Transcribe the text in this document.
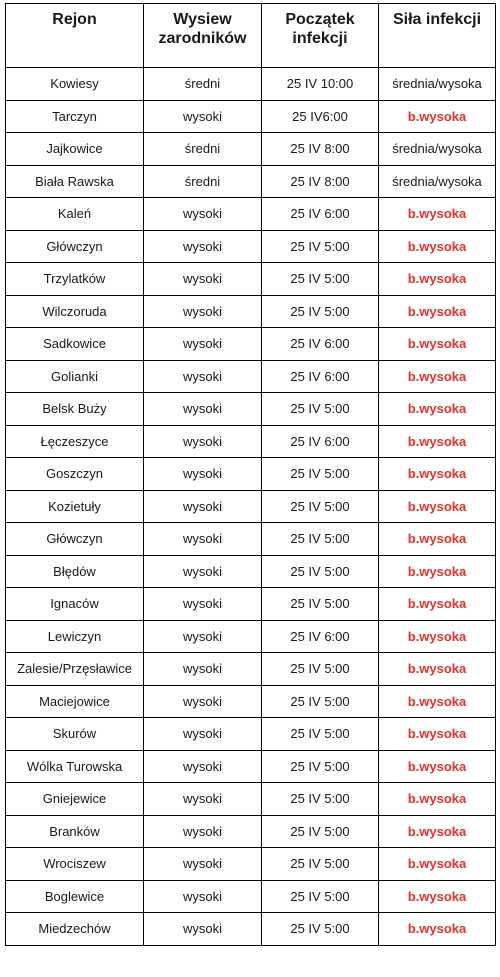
Rejon	Wysiew zarodników	Początek infekcji	Siła infekcji
Kowiesy	średni	25 IV 10:00	średnia/wysoka
Tarczyn	wysoki	25 IV6:00	b.wysoka
Jajkowice	średni	25 IV 8:00	średnia/wysoka
Biała Rawska	średni	25 IV 8:00	średnia/wysoka
Kaleń	wysoki	25 IV 6:00	b.wysoka
Główczyn	wysoki	25 IV 5:00	b.wysoka
Trzylatków	wysoki	25 IV 5:00	b.wysoka
Wilczoruda	wysoki	25 IV 5:00	b.wysoka
Sadkowice	wysoki	25 IV 6:00	b.wysoka
Golianki	wysoki	25 IV 6:00	b.wysoka
Belsk Buży	wysoki	25 IV 5:00	b.wysoka
Łęczeszyce	wysoki	25 IV 6:00	b.wysoka
Goszczyn	wysoki	25 IV 5:00	b.wysoka
Kozietuły	wysoki	25 IV 5:00	b.wysoka
Główczyn	wysoki	25 IV 5:00	b.wysoka
Błędów	wysoki	25 IV 5:00	b.wysoka
Ignaców	wysoki	25 IV 5:00	b.wysoka
Lewiczyn	wysoki	25 IV 6:00	b.wysoka
Zalesie/Przęsławice	wysoki	25 IV 5:00	b.wysoka
Maciejowice	wysoki	25 IV 5:00	b.wysoka
Skurów	wysoki	25 IV 5:00	b.wysoka
Wólka Turowska	wysoki	25 IV 5:00	b.wysoka
Gniejewice	wysoki	25 IV 5:00	b.wysoka
Branków	wysoki	25 IV 5:00	b.wysoka
Wrociszew	wysoki	25 IV 5:00	b.wysoka
Boglewice	wysoki	25 IV 5:00	b.wysoka
Miedzechów	wysoki	25 IV 5:00	b.wysoka
